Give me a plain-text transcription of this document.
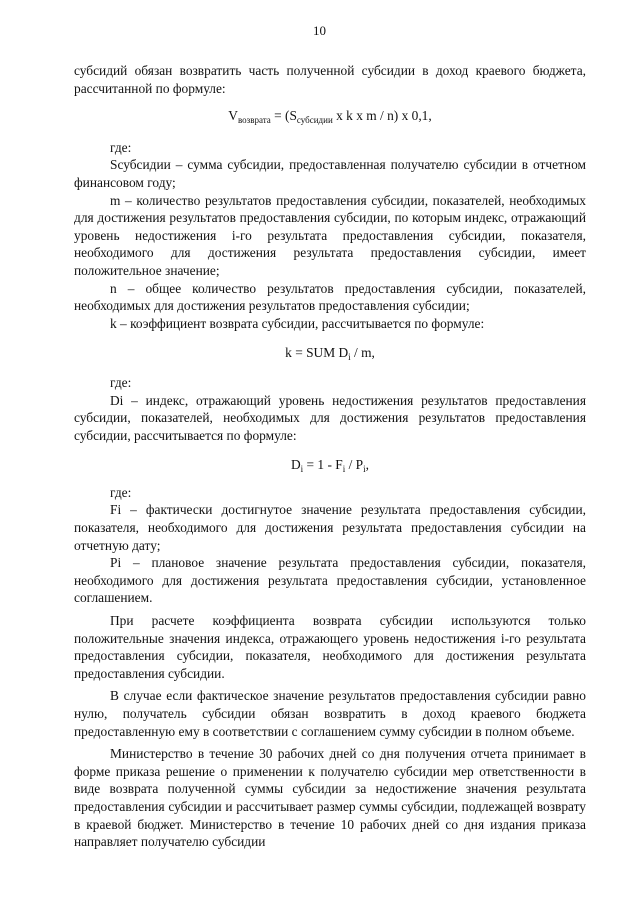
10

субсидий обязан возвратить часть полученной субсидии в доход краевого бюджета, рассчитанной по формуле:

$V_{возврата} = (S_{субсидии}$ x k x m / n) x 0,1,

где:

Sсубсидии – сумма субсидии, предоставленная получателю субсидии в отчетном финансовом году;

m – количество результатов предоставления субсидии, показателей, необходимых для достижения результатов предоставления субсидии, по которым индекс, отражающий уровень недостижения i-го результата предоставления субсидии, показателя, необходимого для достижения результата предоставления субсидии, имеет положительное значение;

n – общее количество результатов предоставления субсидии, показателей, необходимых для достижения результатов предоставления субсидии;

k – коэффициент возврата субсидии, рассчитывается по формуле:

k = SUM $D_i$ / m,

где:

Di – индекс, отражающий уровень недостижения результатов предоставления субсидии, показателей, необходимых для достижения результатов предоставления субсидии, рассчитывается по формуле:

$D_i = 1 - F_i / P_i$,

где:

Fi – фактически достигнутое значение результата предоставления субсидии, показателя, необходимого для достижения результата предоставления субсидии на отчетную дату;

Pi – плановое значение результата предоставления субсидии, показателя, необходимого для достижения результата предоставления субсидии, установленное соглашением.

При расчете коэффициента возврата субсидии используются только положительные значения индекса, отражающего уровень недостижения i-го результата предоставления субсидии, показателя, необходимого для достижения результата предоставления субсидии.

В случае если фактическое значение результатов предоставления субсидии равно нулю, получатель субсидии обязан возвратить в доход краевого бюджета предоставленную ему в соответствии с соглашением сумму субсидии в полном объеме.

Министерство в течение 30 рабочих дней со дня получения отчета принимает в форме приказа решение о применении к получателю субсидии мер ответственности в виде возврата полученной суммы субсидии за недостижение значения результата предоставления субсидии и рассчитывает размер суммы субсидии, подлежащей возврату в краевой бюджет. Министерство в течение 10 рабочих дней со дня издания приказа направляет получателю субсидии
